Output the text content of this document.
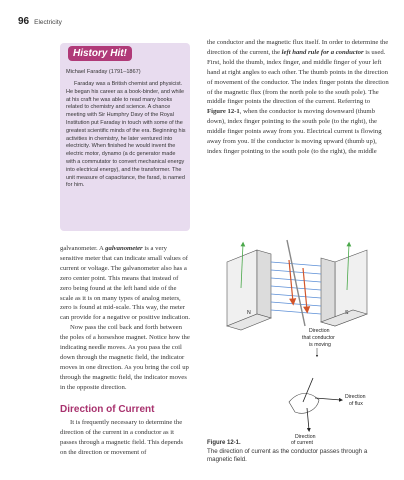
96 Electricity
History Hit!
Michael Faraday (1791–1867)

Faraday was a British chemist and physicist. He began his career as a book-binder, and while at his craft he was able to read many books related to chemistry and science. A chance meeting with Sir Humphry Davy of the Royal Institution put Faraday in touch with some of the greatest scientific minds of the era. Beginning his activities in chemistry, he later ventured into electricity. When finished he would invent the electric motor, dynamo (a dc generator made with a commutator to convert mechanical energy into electrical energy), and the transformer. The unit measure of capacitance, the farad, is named for him.

the conductor and the magnetic flux itself. In order to determine the direction of the current, the left hand rule for a conductor is used. First, hold the thumb, index finger, and middle finger of your left hand at right angles to each other. The thumb points in the direction of movement of the conductor. The index finger points the direction of the magnetic flux (from the north pole to the south pole). The middle finger points the direction of the current. Referring to Figure 12-1, when the conductor is moving downward (thumb down), index finger pointing to the south pole (to the right), the middle finger points away from you. Electrical current is flowing away from you. If the conductor is moving upward (thumb up), index finger pointing to the south pole (to the right), the middle

galvanometer. A galvanometer is a very sensitive meter that can indicate small values of current or voltage. The galvanometer also has a zero center point. This means that instead of zero being found at the left hand side of the scale as it is on many types of analog meters, zero is found at mid-scale. This way, the meter can provide for a negative or positive indication.

Now pass the coil back and forth between the poles of a horseshoe magnet. Notice how the indicating needle moves. As you pass the coil down through the magnetic field, the indicator moves in one direction. As you bring the coil up through the magnetic field, the indicator moves in the opposite direction.

Direction of Current

It is frequently necessary to determine the direction of the current in a conductor as it passes through a magnetic field. This depends on the direction or movement of

N	S
Direction
that conductor
is moving
Direction
of flux
Direction
of current
Figure 12-1.
The direction of current as the conductor passes through a magnetic field.
